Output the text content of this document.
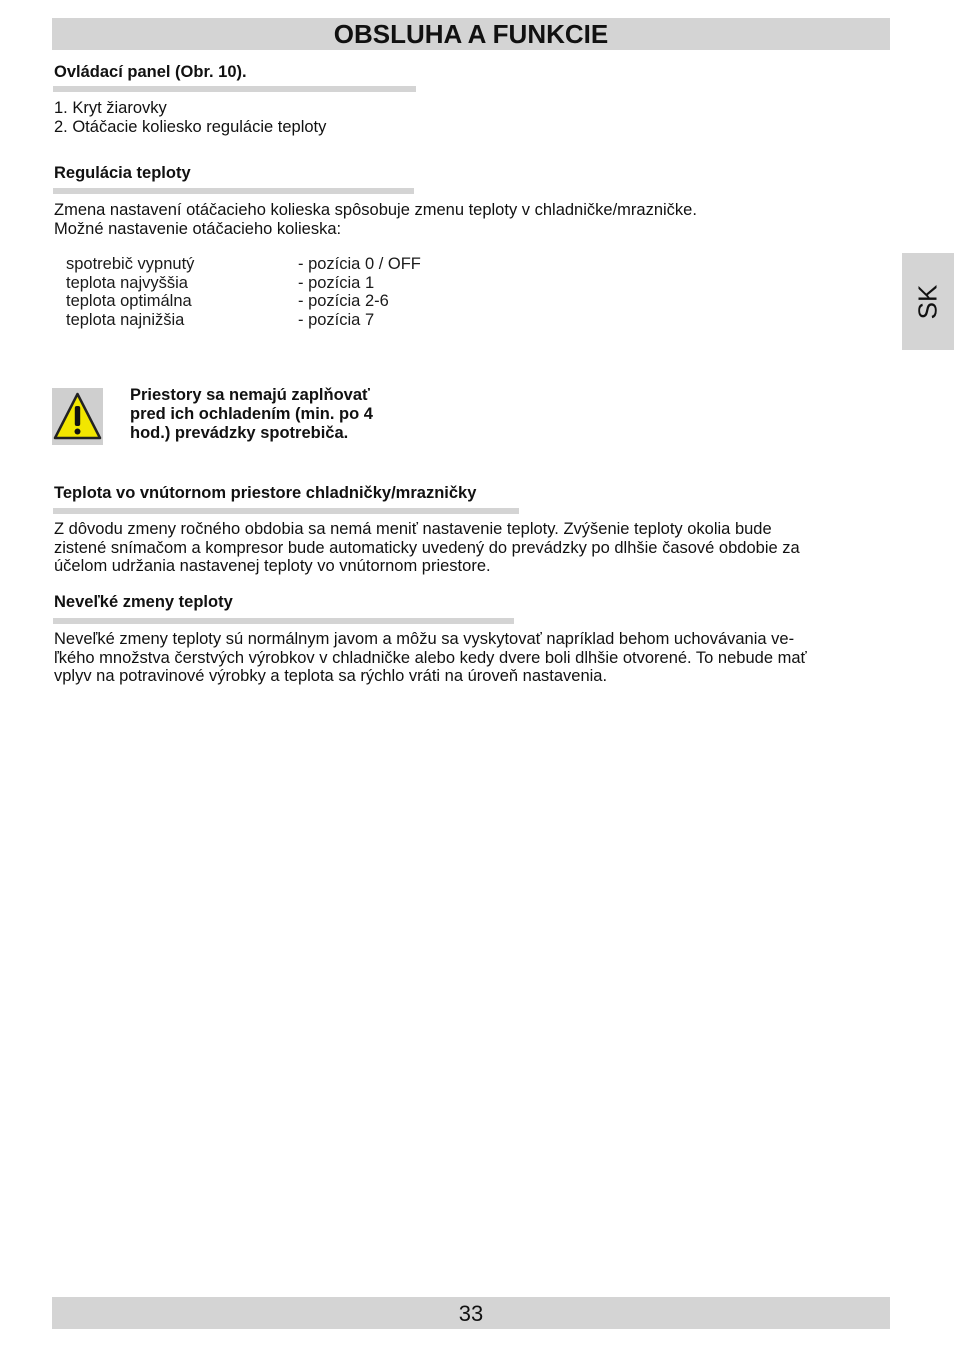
OBSLUHA A FUNKCIE
SK
Ovládací panel (Obr. 10).
1. Kryt žiarovky
2. Otáčacie koliesko regulácie teploty
Regulácia teploty
Zmena nastavení otáčacieho kolieska spôsobuje zmenu teploty v chladničke/mrazničke.
Možné nastavenie otáčacieho kolieska:
spotrebič vypnutý	- pozícia 0 / OFF
teplota najvyššia	- pozícia 1
teplota optimálna	- pozícia 2-6
teplota najnižšia	- pozícia 7
Priestory sa nemajú zaplňovať
pred ich ochladením (min. po 4
hod.) prevádzky spotrebiča.
Teplota vo vnútornom priestore chladničky/mrazničky
Z dôvodu zmeny ročného obdobia sa nemá meniť nastavenie teploty. Zvýšenie teploty okolia bude
zistené snímačom a kompresor bude automaticky uvedený do prevádzky po dlhšie časové obdobie za
účelom udržania nastavenej teploty vo vnútornom priestore.
Nevеľké zmeny teploty
Nevеľké zmeny teploty sú normálnym javom a môžu sa vyskytovať napríklad behom uchovávania ve-
ľkého množstva čerstvých výrobkov v chladničke alebo kedy dvere boli dlhšie otvorené. To nebude mať
vplyv na potravinové výrobky a teplota sa rýchlo vráti na úroveň nastavenia.
33
